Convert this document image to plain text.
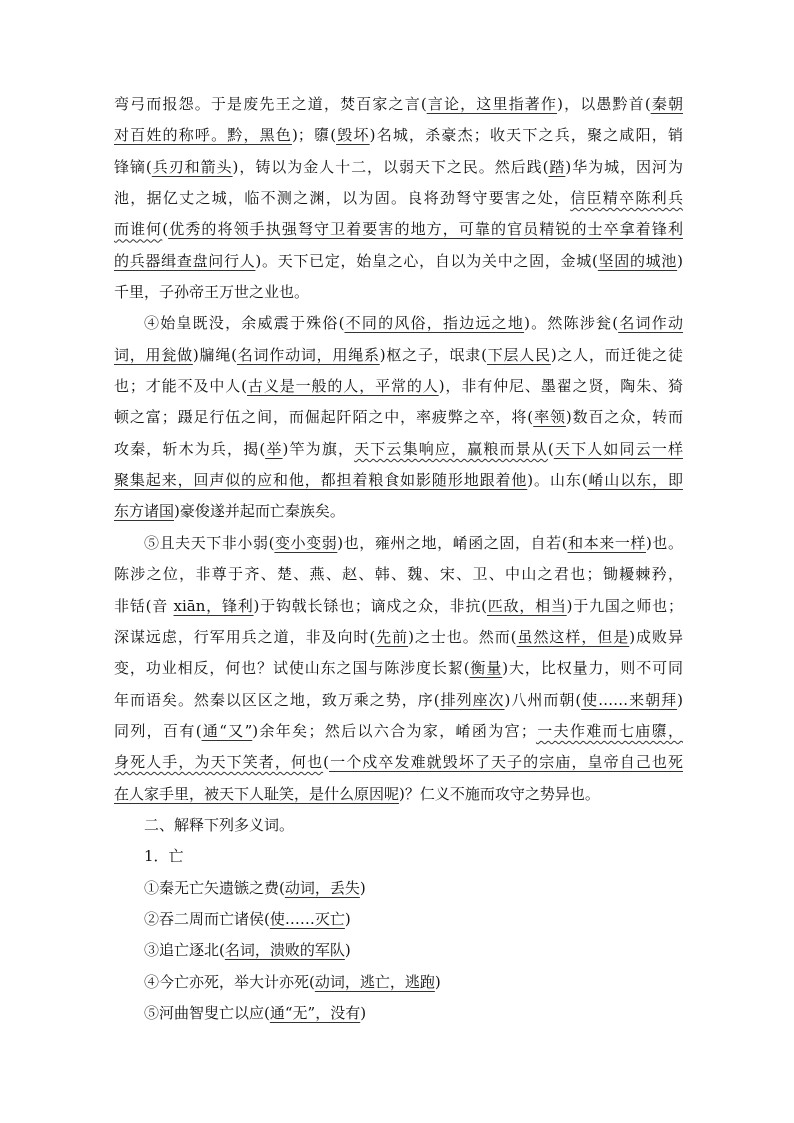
弯弓而报怨。于是废先王之道，焚百家之言(言论，这里指著作)，以愚黔首(秦朝
对百姓的称呼。黔，黑色)；隳(毁坏)名城，杀豪杰；收天下之兵，聚之咸阳，销
锋镝(兵刃和箭头)，铸以为金人十二，以弱天下之民。然后践(踏)华为城，因河为
池，据亿丈之城，临不测之渊，以为固。良将劲弩守要害之处，信臣精卒陈利兵
而谁何(优秀的将领手执强弩守卫着要害的地方，可靠的官员精锐的士卒拿着锋利
的兵器缉查盘问行人)。天下已定，始皇之心，自以为关中之固，金城(坚固的城池)
千里，子孙帝王万世之业也。
④始皇既没，余威震于殊俗(不同的风俗，指边远之地)。然陈涉瓮(名词作动
词，用瓮做)牖绳(名词作动词，用绳系)枢之子，氓隶(下层人民)之人，而迁徙之徒
也；才能不及中人(古义是一般的人，平常的人)，非有仲尼、墨翟之贤，陶朱、猗
顿之富；蹑足行伍之间，而倔起阡陌之中，率疲弊之卒，将(率领)数百之众，转而
攻秦，斩木为兵，揭(举)竿为旗，天下云集响应，赢粮而景从(天下人如同云一样
聚集起来，回声似的应和他，都担着粮食如影随形地跟着他)。山东(崤山以东，即
东方诸国)豪俊遂并起而亡秦族矣。
⑤且夫天下非小弱(变小变弱)也，雍州之地，崤函之固，自若(和本来一样)也。
陈涉之位，非尊于齐、楚、燕、赵、韩、魏、宋、卫、中山之君也；锄耰棘矜，
非铦(音 xiān，锋利)于钩戟长铩也；谪戍之众，非抗(匹敌，相当)于九国之师也；
深谋远虑，行军用兵之道，非及向时(先前)之士也。然而(虽然这样，但是)成败异
变，功业相反，何也？试使山东之国与陈涉度长絜(衡量)大，比权量力，则不可同
年而语矣。然秦以区区之地，致万乘之势，序(排列座次)八州而朝(使……来朝拜)
同列，百有(通“又”)余年矣；然后以六合为家，崤函为宫；一夫作难而七庙隳，
身死人手，为天下笑者，何也(一个戍卒发难就毁坏了天子的宗庙，皇帝自己也死
在人家手里，被天下人耻笑，是什么原因呢)？仁义不施而攻守之势异也。
二、解释下列多义词。
1．亡
①秦无亡矢遗镞之费(动词，丢失)
②吞二周而亡诸侯(使……灭亡)
③追亡逐北(名词，溃败的军队)
④今亡亦死，举大计亦死(动词，逃亡，逃跑)
⑤河曲智叟亡以应(通“无”，没有)
